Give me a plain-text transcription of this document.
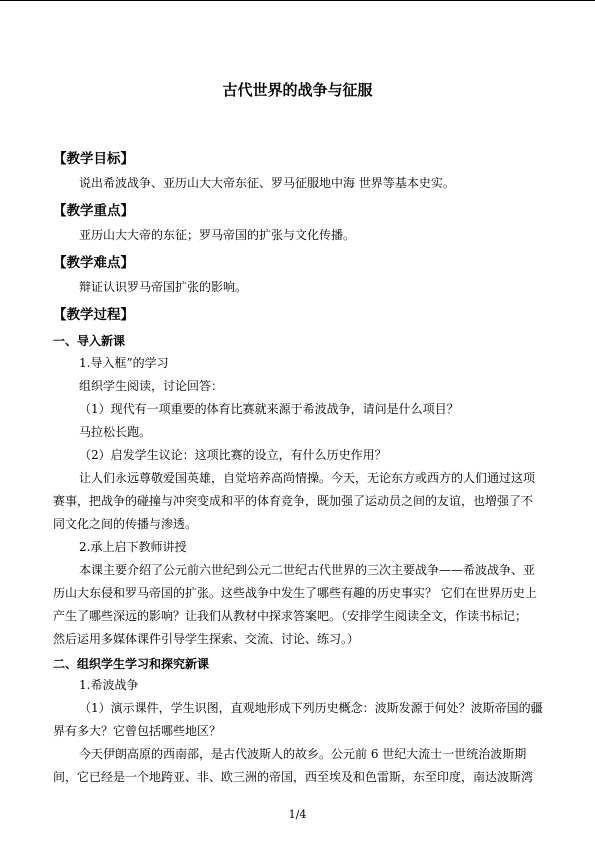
古代世界的战争与征服
【教学目标】
说出希波战争、亚历山大大帝东征、罗马征服地中海 世界等基本史实。
【教学重点】
亚历山大大帝的东征；罗马帝国的扩张与文化传播。
【教学难点】
辩证认识罗马帝国扩张的影响。
【教学过程】
一、导入新课
1.导入框”的学习
组织学生阅读，讨论回答：
（1）现代有一项重要的体育比赛就来源于希波战争，请问是什么项目？
马拉松长跑。
（2）启发学生议论：这项比赛的设立，有什么历史作用？
让人们永远尊敬爱国英雄，自觉培养高尚情操。今天，无论东方或西方的人们通过这项
赛事，把战争的碰撞与冲突变成和平的体育竞争，既加强了运动员之间的友谊，也增强了不
同文化之间的传播与渗透。
2.承上启下教师讲授
本课主要介绍了公元前六世纪到公元二世纪古代世界的三次主要战争——希波战争、亚
历山大东侵和罗马帝国的扩张。这些战争中发生了哪些有趣的历史事实？ 它们在世界历史上
产生了哪些深远的影响？让我们从教材中探求答案吧。（安排学生阅读全文，作读书标记；
然后运用多媒体课件引导学生探索、交流、讨论、练习。）
二、组织学生学习和探究新课
1.希波战争
（1）演示课件，学生识图，直观地形成下列历史概念：波斯发源于何处？波斯帝国的疆
界有多大？它曾包括哪些地区？
今天伊朗高原的西南部，是古代波斯人的故乡。公元前 6 世纪大流士一世统治波斯期
间，它已经是一个地跨亚、非、欧三洲的帝国，西至埃及和色雷斯，东至印度，南达波斯湾
1/4
